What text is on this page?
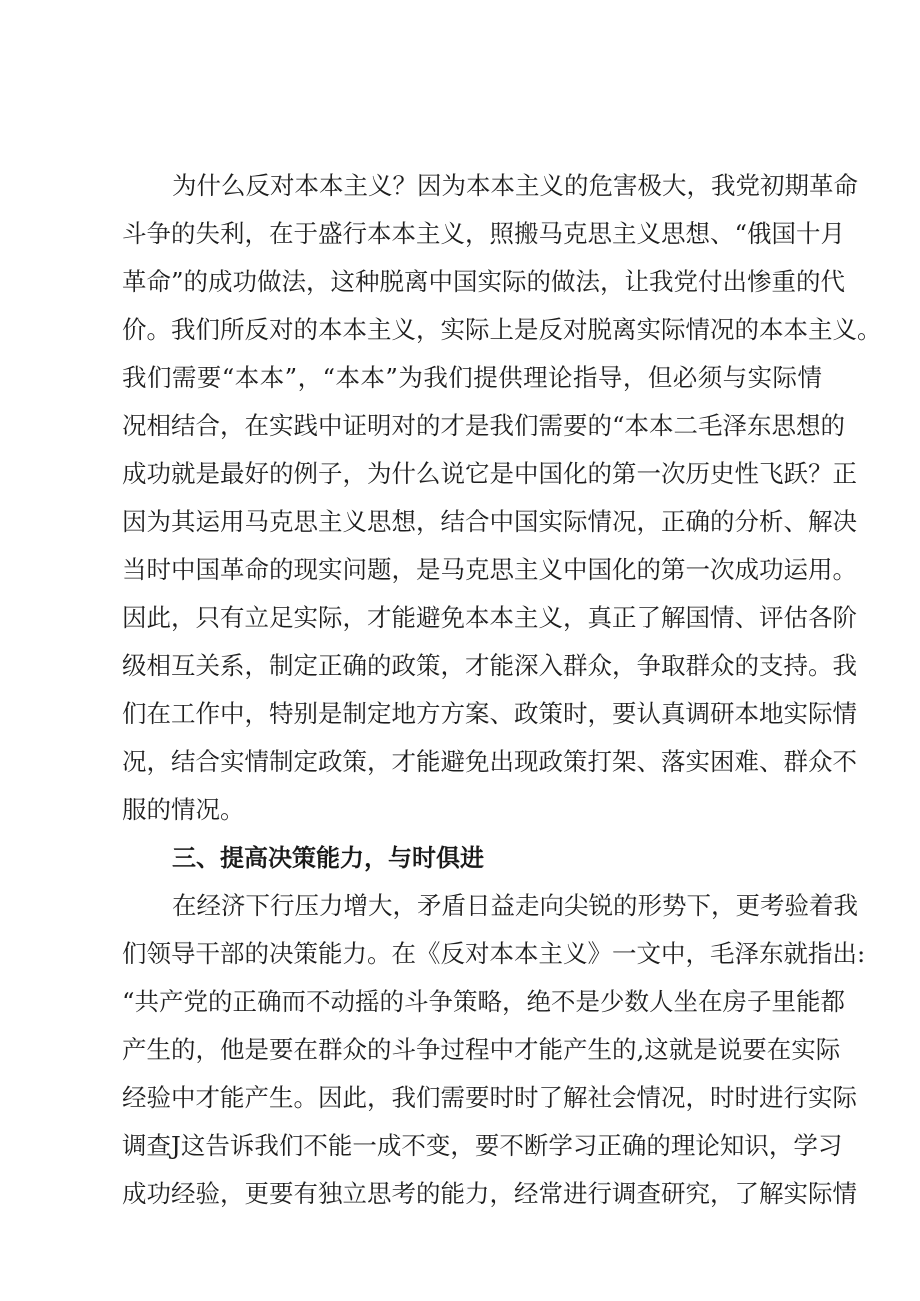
为什么反对本本主义？因为本本主义的危害极大，我党初期革命
斗争的失利，在于盛行本本主义，照搬马克思主义思想、“俄国十月
革命”的成功做法，这种脱离中国实际的做法，让我党付出惨重的代
价。我们所反对的本本主义，实际上是反对脱离实际情况的本本主义。
我们需要“本本”，“本本”为我们提供理论指导，但必须与实际情
况相结合，在实践中证明对的才是我们需要的“本本二毛泽东思想的
成功就是最好的例子，为什么说它是中国化的第一次历史性飞跃？正
因为其运用马克思主义思想，结合中国实际情况，正确的分析、解决
当时中国革命的现实问题，是马克思主义中国化的第一次成功运用。
因此，只有立足实际，才能避免本本主义，真正了解国情、评估各阶
级相互关系，制定正确的政策，才能深入群众，争取群众的支持。我
们在工作中，特别是制定地方方案、政策时，要认真调研本地实际情
况，结合实情制定政策，才能避免出现政策打架、落实困难、群众不
服的情况。
三、提高决策能力，与时俱进
在经济下行压力增大，矛盾日益走向尖锐的形势下，更考验着我
们领导干部的决策能力。在《反对本本主义》一文中，毛泽东就指出:
“共产党的正确而不动摇的斗争策略，绝不是少数人坐在房子里能都
产生的，他是要在群众的斗争过程中才能产生的,这就是说要在实际
经验中才能产生。因此，我们需要时时了解社会情况，时时进行实际
调查J这告诉我们不能一成不变，要不断学习正确的理论知识，学习
成功经验，更要有独立思考的能力，经常进行调查研究，了解实际情
